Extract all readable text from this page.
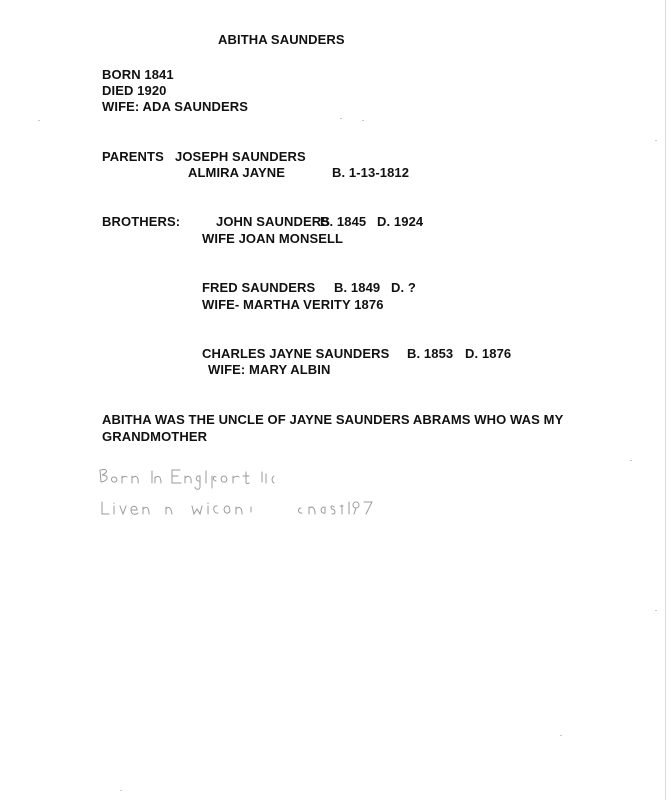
ABITHA SAUNDERS
BORN 1841
DIED 1920
WIFE: ADA SAUNDERS
PARENTS JOSEPH SAUNDERS
ALMIRA JAYNE	B. 1-13-1812
BROTHERS:	JOHN SAUNDERS
B. 1845 D. 1924
WIFE JOAN MONSELL
FRED SAUNDERS B. 1849 D. ?
WIFE- MARTHA VERITY 1876
CHARLES JAYNE SAUNDERS B. 1853 D. 1876
WIFE: MARY ALBIN
ABITHA WAS THE UNCLE OF JAYNE SAUNDERS ABRAMS WHO WAS MY
GRANDMOTHER
